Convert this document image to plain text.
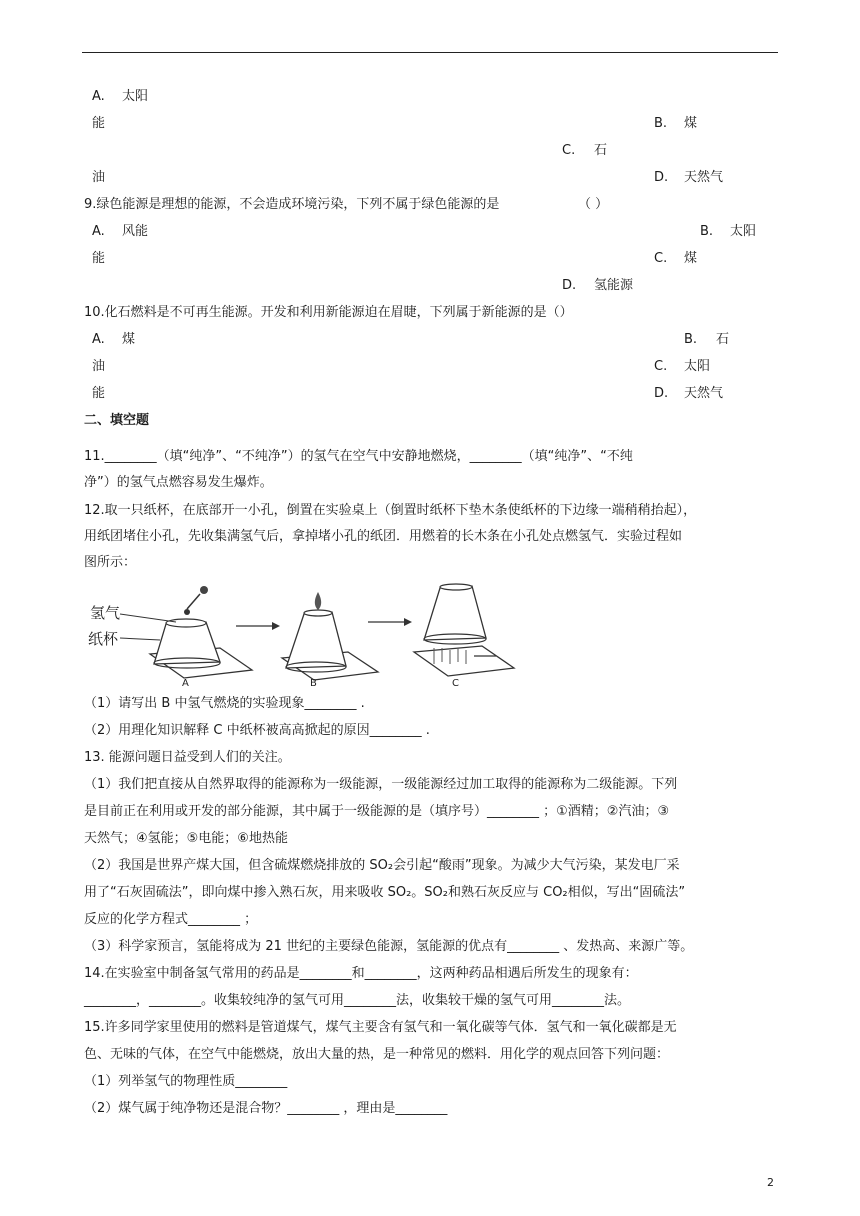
A. 太阳
能	B. 煤
C. 石
油	D. 天然气
9.绿色能源是理想的能源，不会造成环境污染，下列不属于绿色能源的是	（ ）
A. 风能	B. 太阳
能	C. 煤
D. 氢能源
10.化石燃料是不可再生能源。开发和利用新能源迫在眉睫，下列属于新能源的是（）
A. 煤	B. 石
油	C. 太阳
能	D. 天然气
二、填空题
11.________（填“纯净”、“不纯净”）的氢气在空气中安静地燃烧，________（填“纯净”、“不纯
净”）的氢气点燃容易发生爆炸。
12.取一只纸杯，在底部开一小孔，倒置在实验桌上（倒置时纸杯下垫木条使纸杯的下边缘一端稍稍抬起），
用纸团堵住小孔，先收集满氢气后，拿掉堵小孔的纸团．用燃着的长木条在小孔处点燃氢气．实验过程如
图所示：
氢气
纸杯
A	B	C
（1）请写出 B 中氢气燃烧的实验现象________ .
（2）用理化知识解释 C 中纸杯被高高掀起的原因________ .
13. 能源问题日益受到人们的关注。
（1）我们把直接从自然界取得的能源称为一级能源，一级能源经过加工取得的能源称为二级能源。下列
是目前正在利用或开发的部分能源，其中属于一级能源的是（填序号）________ ；①酒精；②汽油；③
天然气；④氢能；⑤电能；⑥地热能
（2）我国是世界产煤大国，但含硫煤燃烧排放的 SO₂会引起“酸雨”现象。为减少大气污染，某发电厂采
用了“石灰固硫法”，即向煤中掺入熟石灰，用来吸收 SO₂。SO₂和熟石灰反应与 CO₂相似，写出“固硫法”
反应的化学方程式________ ；
（3）科学家预言，氢能将成为 21 世纪的主要绿色能源，氢能源的优点有________ 、发热高、来源广等。
14.在实验室中制备氢气常用的药品是________和________，这两种药品相遇后所发生的现象有：
________，________。收集较纯净的氢气可用________法，收集较干燥的氢气可用________法。
15.许多同学家里使用的燃料是管道煤气，煤气主要含有氢气和一氧化碳等气体．氢气和一氧化碳都是无
色、无味的气体，在空气中能燃烧，放出大量的热，是一种常见的燃料．用化学的观点回答下列问题：
（1）列举氢气的物理性质________
（2）煤气属于纯净物还是混合物？________ ，理由是________
2
